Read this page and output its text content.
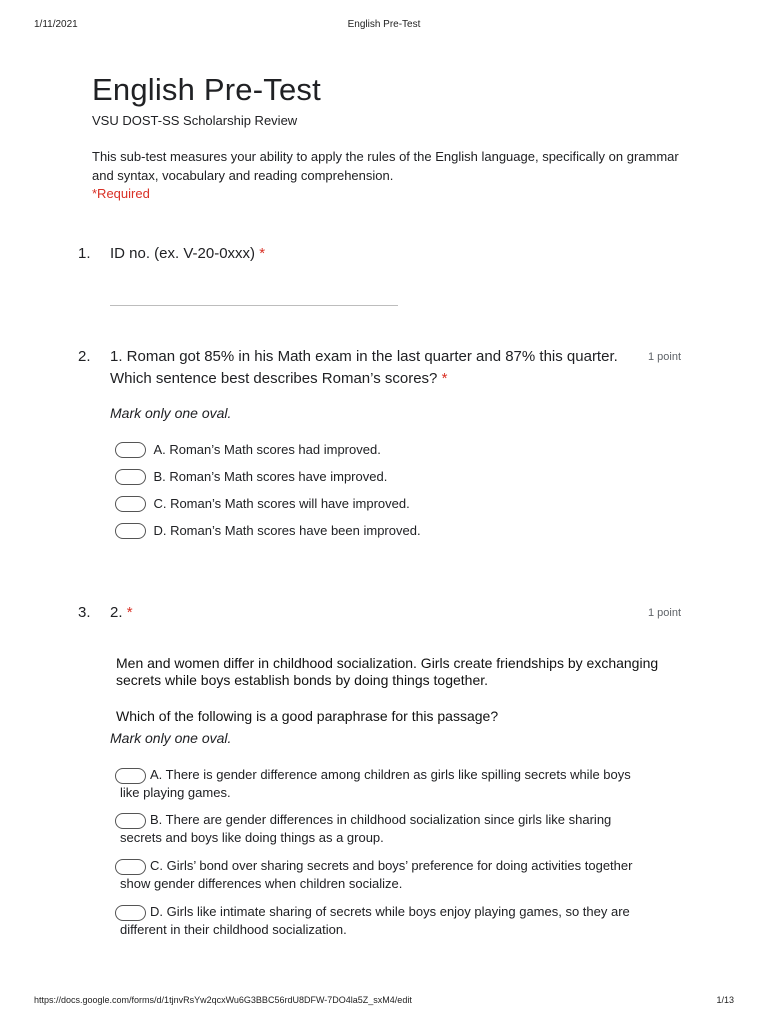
1/11/2021	English Pre-Test
English Pre-Test
VSU DOST-SS Scholarship Review
This sub-test measures your ability to apply the rules of the English language, specifically on grammar and syntax, vocabulary and reading comprehension.
*Required
1. ID no. (ex. V-20-0xxx) *
2. 1. Roman got 85% in his Math exam in the last quarter and 87% this quarter.
Which sentence best describes Roman’s scores? *
1 point
Mark only one oval.
A. Roman’s Math scores had improved.
B. Roman’s Math scores have improved.
C. Roman’s Math scores will have improved.
D. Roman’s Math scores have been improved.
3. 2. *	1 point
Men and women differ in childhood socialization. Girls create friendships by exchanging
secrets while boys establish bonds by doing things together.
Which of the following is a good paraphrase for this passage?
Mark only one oval.
A. There is gender difference among children as girls like spilling secrets while boys
like playing games.
B. There are gender differences in childhood socialization since girls like sharing
secrets and boys like doing things as a group.
C. Girls’ bond over sharing secrets and boys’ preference for doing activities together
show gender differences when children socialize.
D. Girls like intimate sharing of secrets while boys enjoy playing games, so they are
different in their childhood socialization.
https://docs.google.com/forms/d/1tjnvRsYw2qcxWu6G3BBC56rdU8DFW-7DO4la5Z_sxM4/edit	1/13
